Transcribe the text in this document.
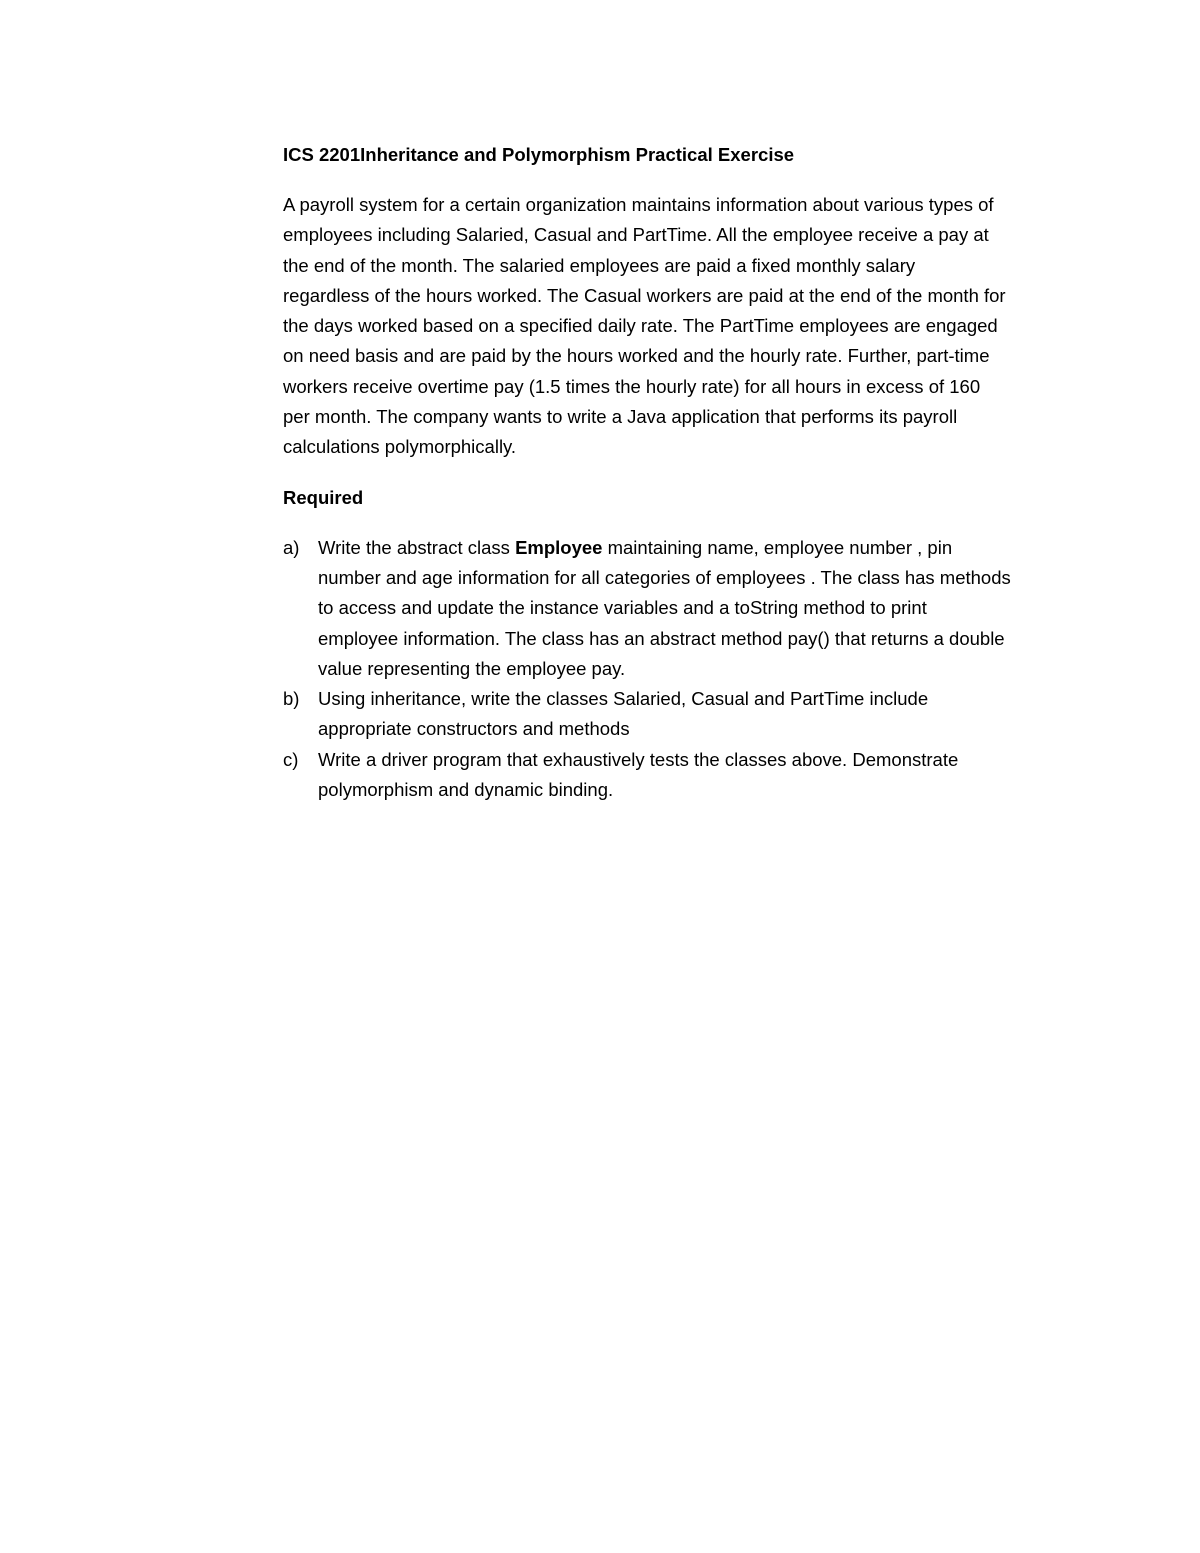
ICS 2201Inheritance and Polymorphism Practical Exercise

A payroll system for a certain organization maintains information about various types of
employees including Salaried, Casual and PartTime. All the employee receive a pay at
the end of the month. The salaried employees are paid a fixed monthly salary
regardless of the hours worked. The Casual workers are paid at the end of the month for
the days worked based on a specified daily rate. The PartTime employees are engaged
on need basis and are paid by the hours worked and the hourly rate. Further, part-time
workers receive overtime pay (1.5 times the hourly rate) for all hours in excess of 160
per month. The company wants to write a Java application that performs its payroll
calculations polymorphically.

Required

a) Write the abstract class Employee maintaining name, employee number , pin
number and age information for all categories of employees . The class has methods
to access and update the instance variables and a toString method to print
employee information. The class has an abstract method pay() that returns a double
value representing the employee pay.
b) Using inheritance, write the classes Salaried, Casual and PartTime include
appropriate constructors and methods
c) Write a driver program that exhaustively tests the classes above. Demonstrate
polymorphism and dynamic binding.
